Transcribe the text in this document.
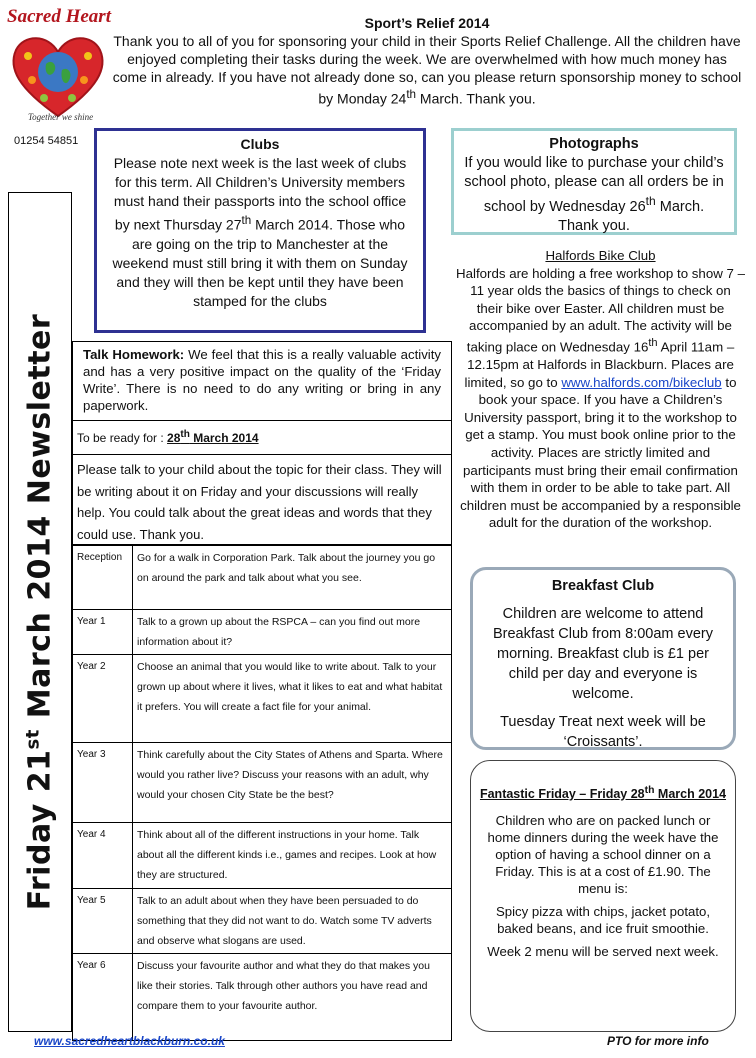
Sacred Heart
Together we shine
01254 54851
Friday 21st March 2014 Newsletter
Sport’s Relief 2014

Thank you to all of you for sponsoring your child in their Sports Relief Challenge. All the children have enjoyed completing their tasks during the week. We are overwhelmed with how much money has come in already. If you have not already done so, can you please return sponsorship money to school by Monday 24th March. Thank you.

Clubs

Please note next week is the last week of clubs for this term. All Children’s University members must hand their passports into the school office by next Thursday 27th March 2014. Those who are going on the trip to Manchester at the weekend must still bring it with them on Sunday and they will then be kept until they have been stamped for the clubs

Photographs

If you would like to purchase your child’s school photo, please can all orders be in school by Wednesday 26th March. Thank you.

Halfords Bike Club

Halfords are holding a free workshop to show 7 – 11 year olds the basics of things to check on their bike over Easter. All children must be accompanied by an adult. The activity will be taking place on Wednesday 16th April 11am – 12.15pm at Halfords in Blackburn. Places are limited, so go to www.halfords.com/bikeclub to book your space. If you have a Children’s University passport, bring it to the workshop to get a stamp. You must book online prior to the activity. Places are strictly limited and participants must bring their email confirmation with them in order to be able to take part. All children must be accompanied by a responsible adult for the duration of the workshop.

Talk Homework: We feel that this is a really valuable activity and has a very positive impact on the quality of the ‘Friday Write’. There is no need to do any writing or bring in any paperwork.
To be ready for : 28th March 2014
Please talk to your child about the topic for their class. They will be writing about it on Friday and your discussions will really help. You could talk about the great ideas and words that they could use. Thank you.
Reception	Go for a walk in Corporation Park. Talk about the journey you go on around the park and talk about what you see.
Year 1	Talk to a grown up about the RSPCA – can you find out more information about it?
Year 2	Choose an animal that you would like to write about. Talk to your grown up about where it lives, what it likes to eat and what habitat it prefers. You will create a fact file for your animal.
Year 3	Think carefully about the City States of Athens and Sparta. Where would you rather live? Discuss your reasons with an adult, why would your chosen City State be the best?
Year 4	Think about all of the different instructions in your home. Talk about all the different kinds i.e., games and recipes. Look at how they are structured.
Year 5	Talk to an adult about when they have been persuaded to do something that they did not want to do. Watch some TV adverts and observe what slogans are used.
Year 6	Discuss your favourite author and what they do that makes you like their stories. Talk through other authors you have read and compare them to your favourite author.
Breakfast Club

Children are welcome to attend Breakfast Club from 8:00am every morning. Breakfast club is £1 per child per day and everyone is welcome.

Tuesday Treat next week will be ‘Croissants’.

Fantastic Friday – Friday 28th March 2014

Children who are on packed lunch or home dinners during the week have the option of having a school dinner on a Friday. This is at a cost of £1.90. The menu is:

Spicy pizza with chips, jacket potato, baked beans, and ice fruit smoothie.

Week 2 menu will be served next week.

www.sacredheartblackburn.co.uk	PTO for more info
